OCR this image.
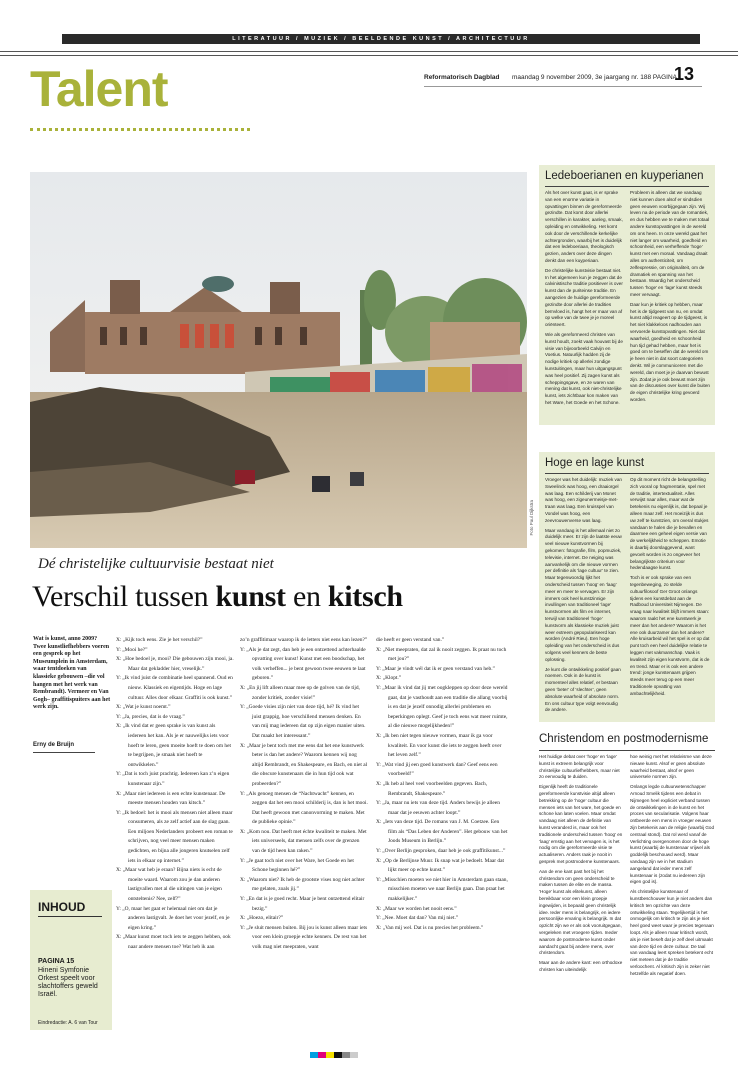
LITERATUUR / MUZIEK / BEELDENDE KUNST / ARCHITECTUUR
Talent	Reformatorisch Dagblad maandag 9 november 2009, 3e jaargang nr. 188 PAGINA
13
Foto Paul Dijkstra
Dé christelijke cultuurvisie bestaat niet
Verschil tussen kunst en kitsch
Wat is kunst, anno 2009? Twee kunstliefhebbers voeren een gesprek op het Museumplein in Amsterdam, waar tentdoeken van klassieke gebouwen –die vol hangen met het werk van Rembrandt). Vermeer en Van Gogh– graffitispuiters aan het werk zijn.
Erny de Bruijn
INHOUD
PAGINA 15
Hineni Symfonie Orkest speelt voor slachtoffers geweld Israël.
Eindredactie: A. 6 van Tour

X: „Kijk toch eens. Zie je het verschil?”

Y: „Mooi he?”

X: „Hoe bedoel je, mooi? Die gebouwen zijn mooi, ja. Maar dat gekladder hier, vreselijk.”

Y: „Ik vind juist de combinatie heel spannend. Oud en nieuw. Klassiek en eigentijds. Hoge en lage cultuur. Alles door elkaar. Graffiti is ook kunst.”

X: „Wat je kunst noemt.”

Y: „Ja, precies, dat is de vraag.”

X: „Ik vind dat er geen sprake is van kunst als iedereen het kan. Als je er nauwelijks iets voor hoeft te leren, geen moeite hoeft te doen om het te begrijpen, je smaak niet hoeft te ontwikkelen.”

Y: „Dat is toch juist prachtig. Iedereen kan z’n eigen kunstenaar zijn.”

X: „Maar niet iedereen is een echte kunstenaar. De meeste mensen houden van kitsch.”

Y: „Ik bedoel: het is mooi als mensen niet alleen maar consumeren, als ze zelf actief aan de slag gaan. Een miljoen Nederlanders probeert een roman te schrijven, nog veel meer mensen maken gedichten, en bijna alle jongeren knutselen zelf iets in elkaar op internet.”

X: „Maar wat heb je eraan? Bijna niets is echt de moeite waard. Waarom zou je dan anderen lastigvallen met al die uitingen van je eigen ontsteltenis? Nee, zelf?”

Y: „O, maar het gaat er helemaal niet om dat je anderen lastigvalt. Je doet het voor jezelf, en je eigen kring.”

X: „Maar kunst moet toch iets te zeggen hebben, ook naar andere mensen toe? Wat heb ik aan

zo’n graffitimaar waarop ik de letters niet eens kan lezen?”

Y: „Als je dat zegt, dan heb je een ontzettend achterhaalde opvatting over kunst! Kunst met een boodschap, het volk verheffen... je bent gewoon twee eeuwen te laat geboren.”

X: „En jij lift alleen maar mee op de golven van de tijd, zonder kritiek, zonder visie!”

Y: „Goede visies zijn niet van deze tijd, hé? Ik vind het juist grappig, hoe verschillend mensen denken. En van mij mag iedereen dat op zijn eigen manier uiten. Dat maakt het interessant.”

X: „Maar je bent toch met me eens dat het ene kunstwerk beter is dan het andere? Waarom kennen wij nog altijd Rembrandt, en Shakespeare, en Bach, en niet al die obscure kunstenaars die in hun tijd ook wat probeerden?”

Y: „Als genoeg mensen de “Nachtwacht” kennen, en zeggen dat het een mooi schilderij is, dan is het mooi. Dat heeft gewoon met canonvorming te maken. Met de publieke opinie.”

X: „Kom nou. Dat heeft met échte kwaliteit te maken. Met iets universeels, dat mensen zelfs over de grenzen van de tijd heen kan raken.”

Y: „Je gaat toch niet over het Ware, het Goede en het Schone beginnen hé?”

X: „Waarom niet? Ik heb de grootste vises nog niet achter me gelaten, zoals jij.”

Y: „En dat is je goed recht. Maar je bent ontzettend elitair bezig.”

X: „Hoezo, elitair?”

Y: „Je sluit mensen buiten. Bij jou is kunst alleen maar iets voor een klein groepje echte kenners. De rest van het volk mag niet meepraten, want

die heeft er geen verstand van.”

X: „Niet meepraten, dat zal ik nooit zeggen. Ik praat nu toch met jou?”

Y: „Maar je vindt wél dat ik er geen verstand van heb.”

X: „Klopt.”

Y: „Maar ik vind dat jij met oogkleppen op door deze wereld gaat, dat je vasthoudt aan een traditie die allang voorbij is en dat je jezelf onnodig allerlei problemen en beperkingen oplegt. Geef je toch eens wat meer ruimte, al die nieuwe mogelijkheden!”

X: „Ik ben niet tegen nieuwe vormen, maar ik ga voor kwaliteit. En voor kunst die iets te zeggen heeft over het leven zelf.”

Y: „Wat vind jij een goed kunstwerk dan? Geef eens een voorbeeld!”

X: „Ik heb al heel veel voorbeelden gegeven. Bach, Rembrandt, Shakespeare.”

Y: „Ja, maar nu iets van deze tijd. Anders bewijs je alleen maar dat je eeuwen achter loopt.”

X: „Iets van deze tijd. De romans van J. M. Coetzee. Een film als “Das Leben der Anderen”. Het gebouw van het Joods Museum in Berlijn.”

Y: „Over Berlijn gesproken, daar heb je ook graffitikunst...”

X: „Op de Berlijnse Muur. Ik snap wat je bedoelt. Maar dat lijkt meer op echte kunst.”

Y: „Misschien moeten we niet hier in Amsterdam gaan staan, misschien moeten we naar Berlijn gaan. Dan praat het makkelijker.”

X: „Maar we worden het nooit eens.”

Y: „Nee. Moet dat dan? Van mij niet.”

X: „Van mij wel. Dat is nu precies het probleem.”

Ledeboerianen en kuyperianen

Als het over kunst gaat, is er sprake van een enorme variatie in opvattingen binnen de gereformeerde gezindte. Dat komt door allerlei verschillen in karakter, aanleg, smaak, opleiding en ontwikkeling. Het komt ook door de verschillende kerkelijke achtergronden, waarbij het is duidelijk dat een ledeboeriaan, theologisch gezien, anders over deze dingen denkt dan een kuyperiaan.

De christelijke kunstvisie bestaat niet. In het algemeen kun je zeggen dat de calvinistische traditie positiever is over kunst dan de puriteinse traditie. En aangezien de huidige gereformeerde gezindte door allerlei de tradities beïnvloed is, hangt het er maar van af op welke van de twee je je moreel oriënteert.

Wie als gereformeerd christen van kunst houdt, zoekt vaak houvast bij de visie van bijvoorbeeld Calvijn en Voetius. Natuurlijk hadden zij de nodige kritiek op allerlei zondige kunstuitingen, maar hun uitgangspunt was heel positief. Zij zagen kunst als scheppingsgave, en ze waren van mening dat kunst, ook niet-christelijke kunst, iets zichtbaar kon maken van het Ware, het Goede en het Schone.

Probleem is alleen dat we vandaag niet kunnen doen alsof er sindsdien geen eeuwen voorbijgegaan zijn. Wij leven na de periode van de romantiek, en dus hebben we te maken met totaal andere kunstopvattingen in de wereld om ons heen. In onze wereld gaat het niet langer om waarheid, goedheid en schoonheid, een verheffende ‘hoge’ kunst met een moraal. Vandaag draait alles om authenticiteit, om zelfexpressie, om originaliteit, om de dramatiek en spanning van het bestaan. Waardig het onderscheid tussen ‘hoge’ en ‘lage’ kunst steeds meer vervaagt.

Daar kun je kritiek op hebben, maar het is de tijdgeest van nu, en omdat kunst altijd reageert op de tijdgeest, is het niet klakkeloos nadhouden aan vervoerde kunstopvattingen. Niet dat waarheid, goedheid en schoonheid hun tijd gehad hebben, maar het is goed om te beseffen dat de wereld om je heen niet in dat soort categorieën denkt. Wil je communiceren met die wereld, dan moet je je daarvan bewust zijn. Zodat je je ook bewust moet zijn van de discussies over kunst die buiten de eigen christelijke kring gevoerd worden.

Hoge en lage kunst

Vroeger was het duidelijk: muziek van Sweelinck was hoog, een draaiorgel was laag. Een schilderij van Monet was hoog, een zigeunermeisje-met-traan was laag. Een kruisspel van Vondel was hoog, een zeevrouwenverse was laag.

Maar vandaag is het allemaal niet zo duidelijk meer. Er zijn de laatste eeuw veel nieuwe kunstvormen bij gekomen: fotografie, film, popmuziek, televisie, internet. De neiging was aanvankelijk om die nieuwe vormen per definitie als ‘lage cultuur’ te zien. Maar tegenwoordig lijkt het onderscheid tussen ‘hoog’ en ‘laag’ meer en meer te vervagen. Er zijn immers ook heel kunstzinnige invullingen van traditioneel ‘lage’ kunstvormen als film en internet, terwijl van traditioneel ‘hoge’ kunstvorm als klassieke muziek juist weer extreem gepopulariseerd kan worden (André Rieu). Een hoge opleiding van het onderscheid is dus volgens veel kenners de beste oplossing.

Je kunt die ontwikkeling positief gaan noemen. Ook in de kunst is momenteel alles relatief, er bestaan geen ‘beter’ of ‘slechter’, geen absolute waarheid of absolute norm. En ons cultuur type volgt eenvoudig de andere.

Op dit moment richt de belangstelling zich vooral op fragmentatie, spel met de traditie, intertextualiteit. Alles verwijst naar alles, maar wat de betekenis nu eigenlijk is, dat bepaal je alleen maar zelf. Het moeizijk is dus uw zelf te kunstzien, om overal stukjes vandaan te halen die je bevallen en daarmee een geheel eigen versie van de werkelijkheid te scheppen. Emotie is daarbij doorslaggevend, want gevoelt worden is zo ongeveer het belangrijkste criterium voor hedendaagse kunst.

Toch is er ook sprake van een tegenbeweging, zo stelde cultuurfilosoof Ger Groot onlangs tijdens een kunstdebat aan de Radboud Universiteit Nijmegen. De vraag naar kwaliteit blijft immers staan: waarom raakt het ene kunstwerk je meer dan het andere? Waarom is het ene ook duurzamer dan het andere? Alle kruisarbeid wil het spel is er op dat punt toch een heel duidelijke relatie te leggen met vakmanschap. Vaak is kwaliteit zijn eigen kunstvorm, dat is de en trend. Maar er is ook een andere trend: jonge kunstenaars grijpen steeds meer terug op een meer traditionele opvatting van ambachtelijkheid.

Christendom en postmodernisme

Het huidige debat over ‘hoge’ en ‘lage’ kunst is extreem belangrijk voor christelijke cultuurliefhebbers, maar niet zo eenvoudig te duiden.

Eigenlijk heeft de traditionele gereformeerde kunstvisie altijd alleen betrekking op de ‘hoge’ cultuur die mensen iets van het ware, het goede en schone kan laten voelen. Maar omdat vandaag niet alleen de definitie van kunst veranderd is, maar ook het traditionele onderscheid tussen ‘hoog’ en ‘laag’ ernstig aan het vervagen is, is het nodig om die gereformeerde visie te actualiseren. Anders raak je nooit in gesprek met postmoderne kunstenaars.

Aan de ene kant past het bij het christendom om geen onderscheid te maken tussen de elite en de massa. ‘Hoge’ kunst als elitekunst, alleen bereikbaar voor een klein groepje ingewijden, is bepaald geen christelijk idee. Ieder mens is belangrijk, en iedere persoonlijke ervaring is belangrijk. In dat opzicht zijn we er als ook vooruitgegaan, vergeleken met vroegere tijden. Ineder waarom de postmoderne kunst onder aandacht gaat bij andere mens, over christendom.

Maar aan de andere kant: een orthodoxe christen kan uiteindelijk

hoe weinig met het relativisme van deze nieuwe kunst. Alsof er geen absolute waarheid bestaat, alsof er geen universele normen zijn.

Onlangs legde cultuurwetenschapper Arnoud Smelik tijdens een debat in Nijmegen heel expliciet verband tussen de ontwikkelingen in de kunst en het proces van secularisatie. Volgens haar ontbeerde een mens in vroeger eeuwen zijn betekenis aan de religie (waarbij God centraal stond). Dat rol werd vanaf de Verlichting overgenomen door de hoge kunst (waarbij de kunstenaar vrijwel als goddelijk beschouwd werd). Maar vandaag zijn we in het stadium aangeland dat ieder mens zelf kunstenaar is (zodat nu iedereen zijn eigen god is).

Als christelijke kunstenaar of kunstbeschouwer kun je niet anders dan kritisch ten opzichte van deze ontwikkeling staan. Tegelijkertijd is het onmogelijk om kritisch te zijn als je niet heel goed weet waar je precies tegenaan loopt. Als je alleen maar kritisch wordt, als je niet beseft dat je zelf deel uitmaakt van deze tijd en deze cultuur. De taal van vandaag leert spreken betekent echt niet meteen dat je de traditie verloochent. Al kritisch zijn is zeker niet hetzelfde als negatief doen.
